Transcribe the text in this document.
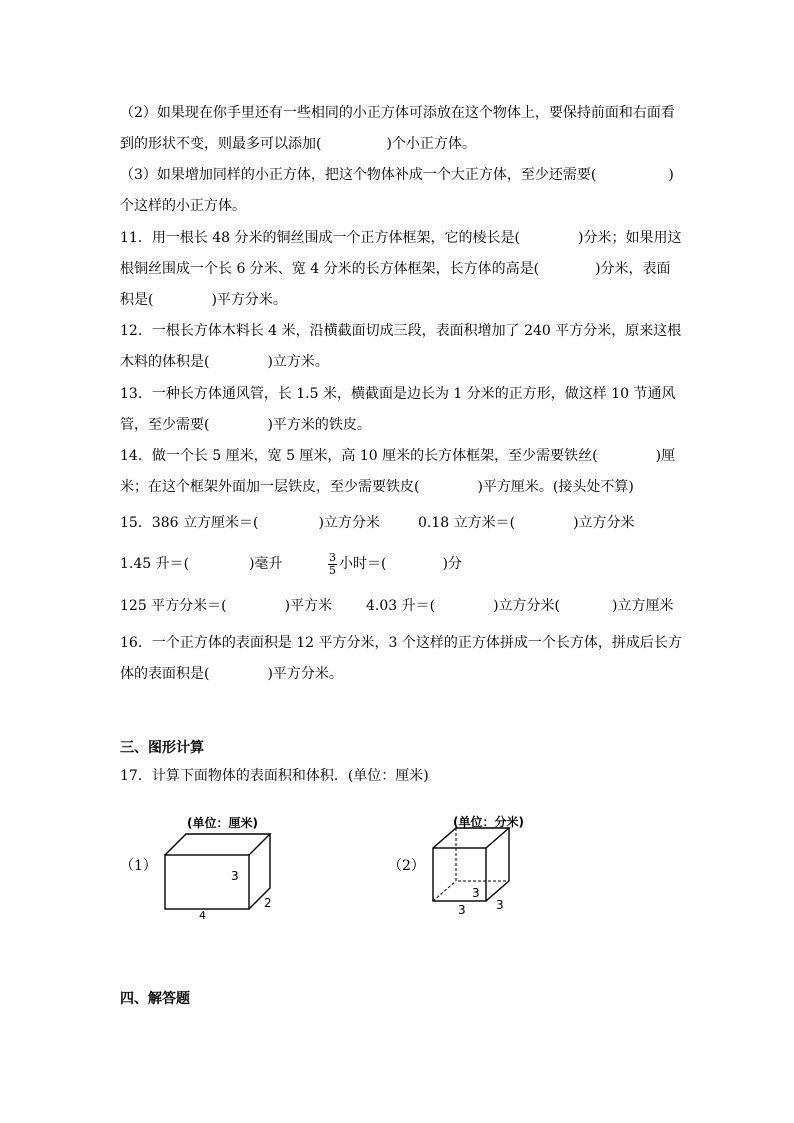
（2）如果现在你手里还有一些相同的小正方体可添放在这个物体上，要保持前面和右面看
到的形状不变，则最多可以添加(	)个小正方体。
（3）如果增加同样的小正方体，把这个物体补成一个大正方体，至少还需要(	)
个这样的小正方体。
11．用一根长 48 分米的铜丝围成一个正方体框架，它的棱长是(	)分米；如果用这
根铜丝围成一个长 6 分米、宽 4 分米的长方体框架，长方体的高是(	)分米，表面
积是(	)平方分米。
12．一根长方体木料长 4 米，沿横截面切成三段，表面积增加了 240 平方分米，原来这根
木料的体积是(	)立方米。
13．一种长方体通风管，长 1.5 米，横截面是边长为 1 分米的正方形，做这样 10 节通风
管，至少需要(	)平方米的铁皮。
14．做一个长 5 厘米，宽 5 厘米，高 10 厘米的长方体框架，至少需要铁丝(	)厘
米；在这个框架外面加一层铁皮，至少需要铁皮(	)平方厘米。(接头处不算)
15．386 立方厘米＝(	)立方分米	0.18 立方米＝(	)立方分米
1.45 升＝(	)毫升	$\frac{3}{5}$ 小时＝(	)分
125 平方分米＝(	)平方米 4.03 升＝(	)立方分米(	)立方厘米
16．一个正方体的表面积是 12 平方分米，3 个这样的正方体拼成一个长方体，拼成后长方
体的表面积是(	)平方分米。
三、图形计算
17．计算下面物体的表面积和体积．(单位：厘米)
（1）
(单位：厘米)
3
4
2
（2）
(单位：分米)
3
3	3
四、解答题
